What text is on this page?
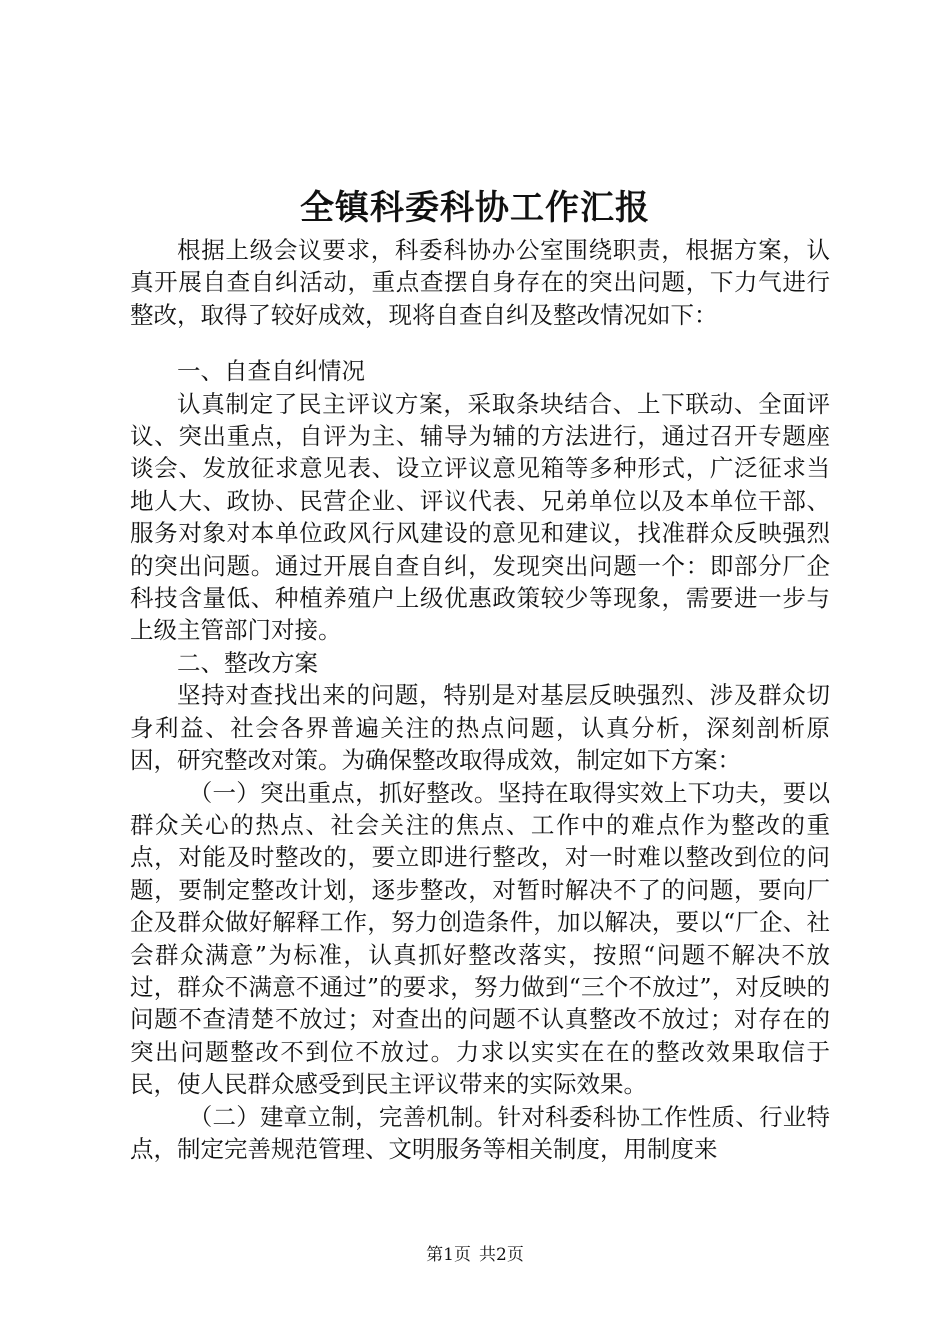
全镇科委科协工作汇报

根据上级会议要求，科委科协办公室围绕职责，根据方案，认真开展自查自纠活动，重点查摆自身存在的突出问题，下力气进行整改，取得了较好成效，现将自查自纠及整改情况如下：

一、自查自纠情况

认真制定了民主评议方案，采取条块结合、上下联动、全面评议、突出重点，自评为主、辅导为辅的方法进行，通过召开专题座谈会、发放征求意见表、设立评议意见箱等多种形式，广泛征求当地人大、政协、民营企业、评议代表、兄弟单位以及本单位干部、服务对象对本单位政风行风建设的意见和建议，找准群众反映强烈的突出问题。通过开展自查自纠，发现突出问题一个：即部分厂企科技含量低、种植养殖户上级优惠政策较少等现象，需要进一步与上级主管部门对接。

二、整改方案

坚持对查找出来的问题，特别是对基层反映强烈、涉及群众切身利益、社会各界普遍关注的热点问题，认真分析，深刻剖析原因，研究整改对策。为确保整改取得成效，制定如下方案：

（一）突出重点，抓好整改。坚持在取得实效上下功夫，要以群众关心的热点、社会关注的焦点、工作中的难点作为整改的重点，对能及时整改的，要立即进行整改，对一时难以整改到位的问题，要制定整改计划，逐步整改，对暂时解决不了的问题，要向厂企及群众做好解释工作，努力创造条件，加以解决，要以“厂企、社会群众满意”为标准，认真抓好整改落实，按照“问题不解决不放过，群众不满意不通过”的要求，努力做到“三个不放过”，对反映的问题不查清楚不放过；对查出的问题不认真整改不放过；对存在的突出问题整改不到位不放过。力求以实实在在的整改效果取信于民，使人民群众感受到民主评议带来的实际效果。

（二）建章立制，完善机制。针对科委科协工作性质、行业特点，制定完善规范管理、文明服务等相关制度，用制度来

第1页 共2页
